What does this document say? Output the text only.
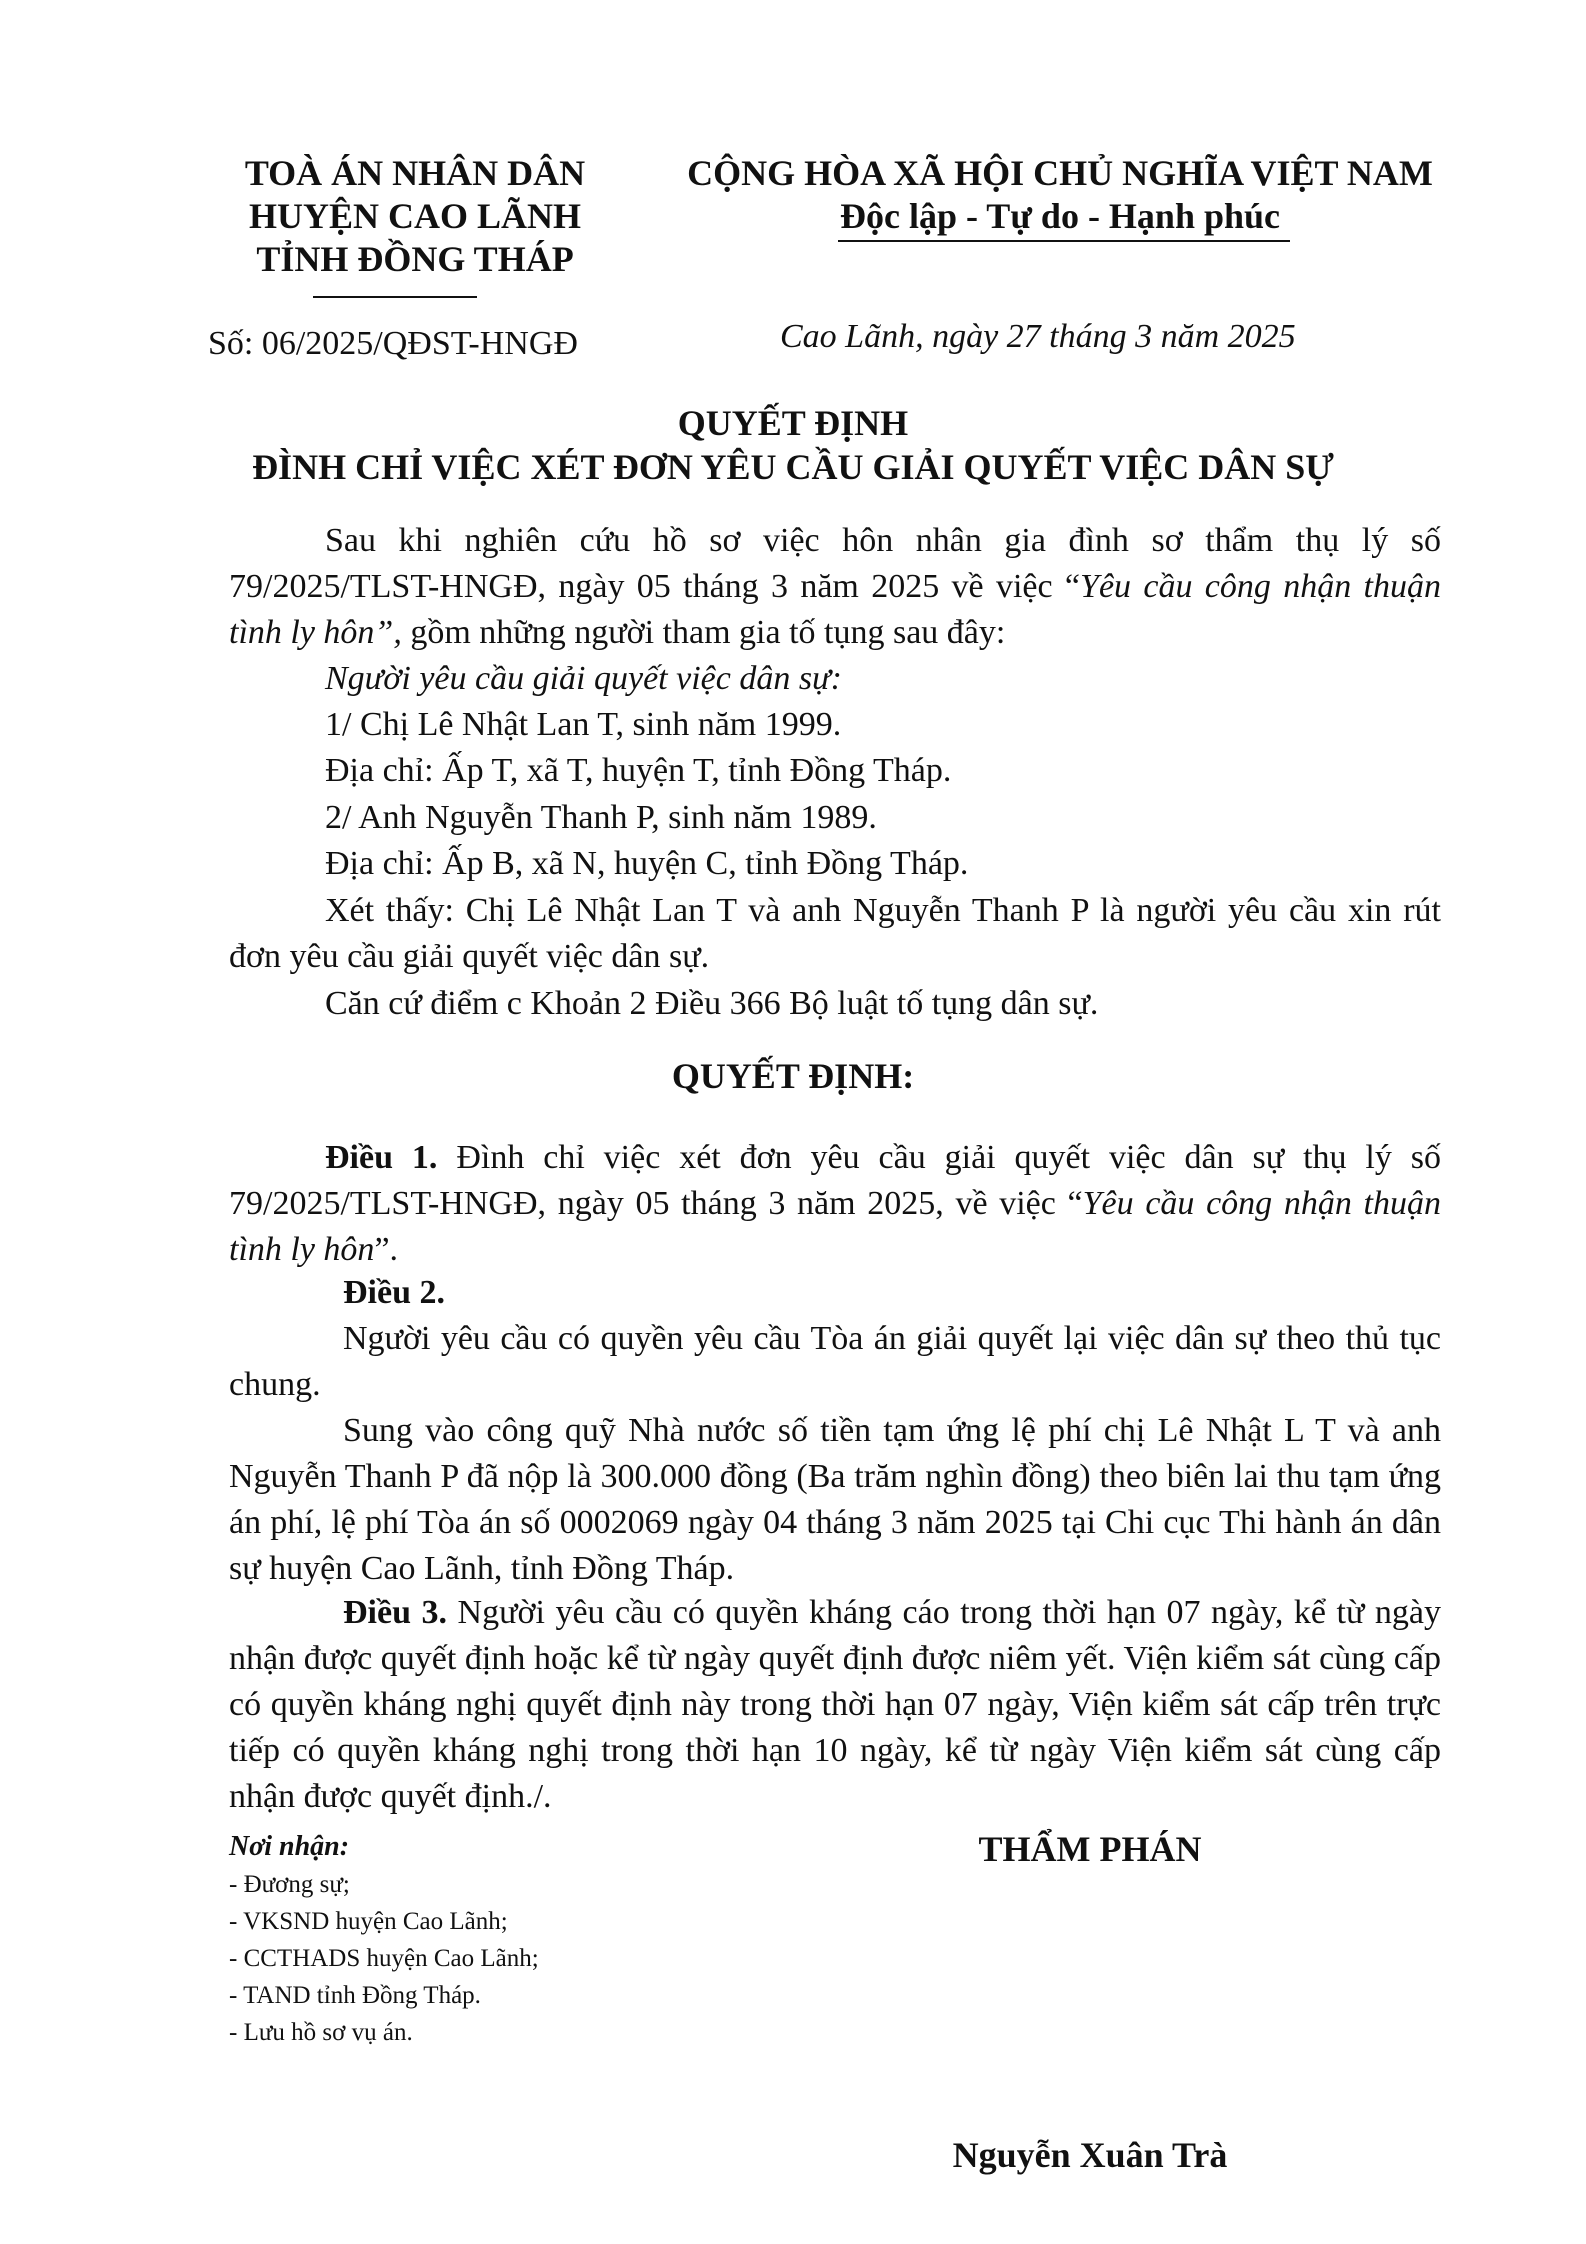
TOÀ ÁN NHÂN DÂN
HUYỆN CAO LÃNH
TỈNH ĐỒNG THÁP
CỘNG HÒA XÃ HỘI CHỦ NGHĨA VIỆT NAM
Độc lập - Tự do - Hạnh phúc
Số: 06/2025/QĐST-HNGĐ	Cao Lãnh, ngày 27 tháng 3 năm 2025
QUYẾT ĐỊNH
ĐÌNH CHỈ VIỆC XÉT ĐƠN YÊU CẦU GIẢI QUYẾT VIỆC DÂN SỰ
Sau khi nghiên cứu hồ sơ việc hôn nhân gia đình sơ thẩm thụ lý số 79/2025/TLST-HNGĐ, ngày 05 tháng 3 năm 2025 về việc “Yêu cầu công nhận thuận tình ly hôn”, gồm những người tham gia tố tụng sau đây:
Người yêu cầu giải quyết việc dân sự:
1/ Chị Lê Nhật Lan T, sinh năm 1999.
Địa chỉ: Ấp T, xã T, huyện T, tỉnh Đồng Tháp.
2/ Anh Nguyễn Thanh P, sinh năm 1989.
Địa chỉ: Ấp B, xã N, huyện C, tỉnh Đồng Tháp.
Xét thấy: Chị Lê Nhật Lan T và anh Nguyễn Thanh P là người yêu cầu xin rút đơn yêu cầu giải quyết việc dân sự.
Căn cứ điểm c Khoản 2 Điều 366 Bộ luật tố tụng dân sự.
QUYẾT ĐỊNH:
Điều 1. Đình chỉ việc xét đơn yêu cầu giải quyết việc dân sự thụ lý số 79/2025/TLST-HNGĐ, ngày 05 tháng 3 năm 2025, về việc “Yêu cầu công nhận thuận tình ly hôn”.
Điều 2.
Người yêu cầu có quyền yêu cầu Tòa án giải quyết lại việc dân sự theo thủ tục chung.
Sung vào công quỹ Nhà nước số tiền tạm ứng lệ phí chị Lê Nhật L T và anh Nguyễn Thanh P đã nộp là 300.000 đồng (Ba trăm nghìn đồng) theo biên lai thu tạm ứng án phí, lệ phí Tòa án số 0002069 ngày 04 tháng 3 năm 2025 tại Chi cục Thi hành án dân sự huyện Cao Lãnh, tỉnh Đồng Tháp.
Điều 3. Người yêu cầu có quyền kháng cáo trong thời hạn 07 ngày, kể từ ngày nhận được quyết định hoặc kể từ ngày quyết định được niêm yết. Viện kiểm sát cùng cấp có quyền kháng nghị quyết định này trong thời hạn 07 ngày, Viện kiểm sát cấp trên trực tiếp có quyền kháng nghị trong thời hạn 10 ngày, kể từ ngày Viện kiểm sát cùng cấp nhận được quyết định./.
Nơi nhận:
- Đương sự;
- VKSND huyện Cao Lãnh;
- CCTHADS huyện Cao Lãnh;
- TAND tỉnh Đồng Tháp.
- Lưu hồ sơ vụ án.
THẨM PHÁN
Nguyễn Xuân Trà
